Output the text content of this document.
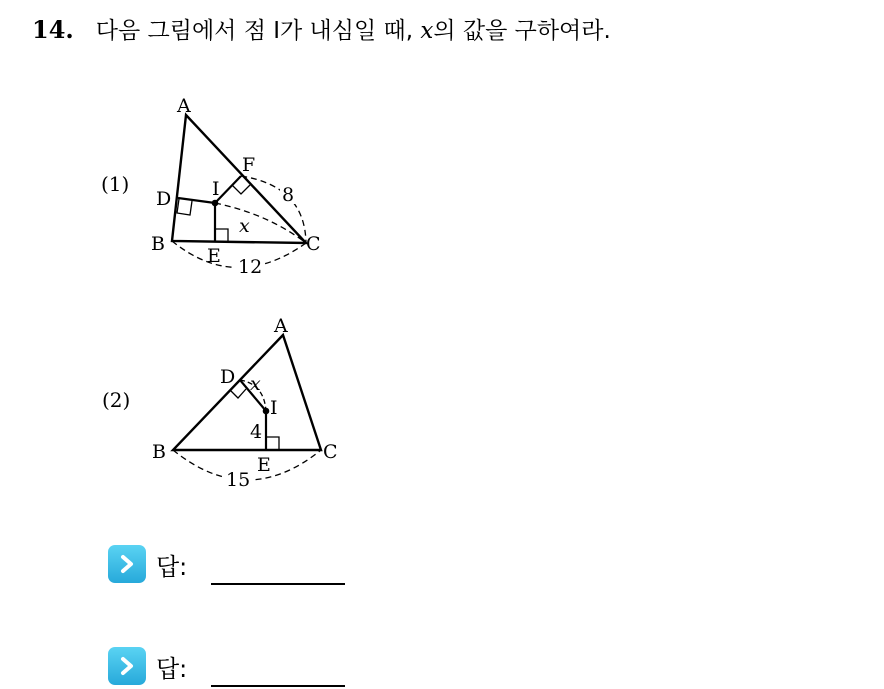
14. 다음 그림에서 점 I가 내심일 때, x의 값을 구하여라.
(1)
A
B	C
D
E
F
I	8
x
12
(2)
A
B	C
D
E
I
x
4
15
답:
답:
